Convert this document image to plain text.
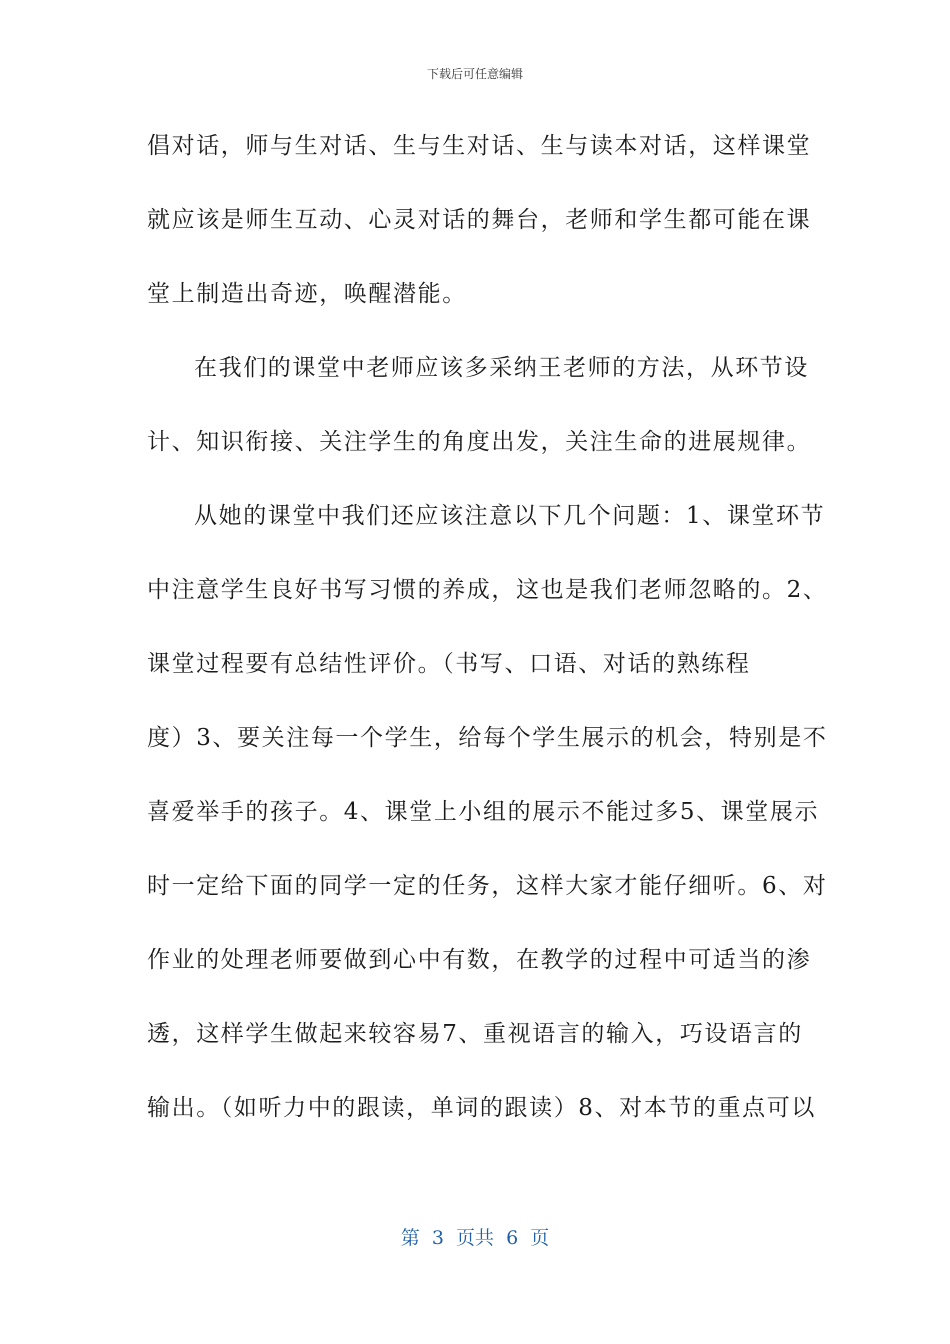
下载后可任意编辑
倡对话，师与生对话、生与生对话、生与读本对话，这样课堂
就应该是师生互动、心灵对话的舞台，老师和学生都可能在课
堂上制造出奇迹，唤醒潜能。
在我们的课堂中老师应该多采纳王老师的方法，从环节设
计、知识衔接、关注学生的角度出发，关注生命的进展规律。
从她的课堂中我们还应该注意以下几个问题：1、课堂环节
中注意学生良好书写习惯的养成，这也是我们老师忽略的。2、
课堂过程要有总结性评价。（书写、口语、对话的熟练程
度）3、要关注每一个学生，给每个学生展示的机会，特别是不
喜爱举手的孩子。4、课堂上小组的展示不能过多5、课堂展示
时一定给下面的同学一定的任务，这样大家才能仔细听。6、对
作业的处理老师要做到心中有数，在教学的过程中可适当的渗
透，这样学生做起来较容易7、重视语言的输入，巧设语言的
输出。（如听力中的跟读，单词的跟读）8、对本节的重点可以
第  3  页共  6  页
